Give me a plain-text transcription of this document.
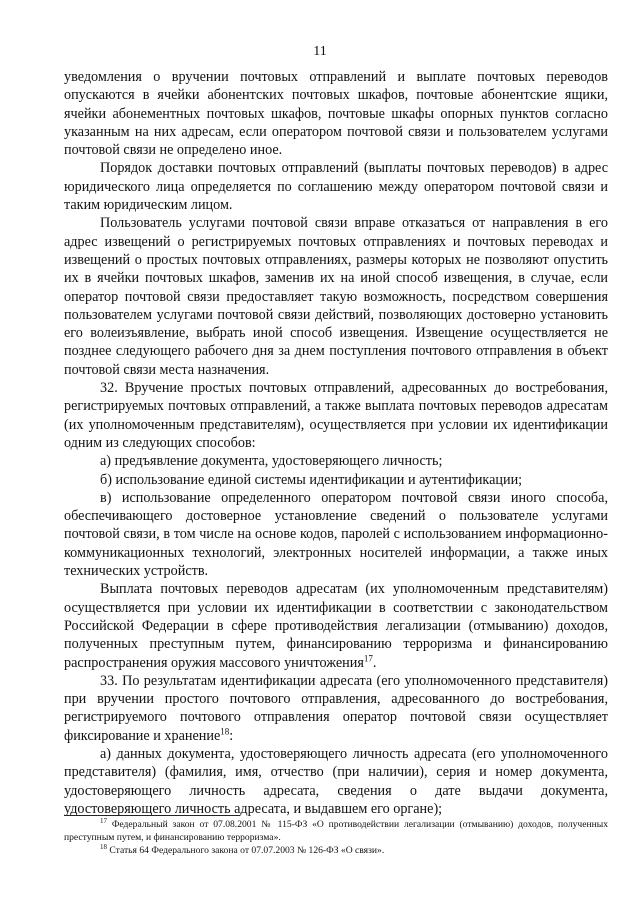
11

уведомления о вручении почтовых отправлений и выплате почтовых переводов опускаются в ячейки абонентских почтовых шкафов, почтовые абонентские ящики, ячейки абонементных почтовых шкафов, почтовые шкафы опорных пунктов согласно указанным на них адресам, если оператором почтовой связи и пользователем услугами почтовой связи не определено иное.

Порядок доставки почтовых отправлений (выплаты почтовых переводов) в адрес юридического лица определяется по соглашению между оператором почтовой связи и таким юридическим лицом.

Пользователь услугами почтовой связи вправе отказаться от направления в его адрес извещений о регистрируемых почтовых отправлениях и почтовых переводах и извещений о простых почтовых отправлениях, размеры которых не позволяют опустить их в ячейки почтовых шкафов, заменив их на иной способ извещения, в случае, если оператор почтовой связи предоставляет такую возможность, посредством совершения пользователем услугами почтовой связи действий, позволяющих достоверно установить его волеизъявление, выбрать иной способ извещения. Извещение осуществляется не позднее следующего рабочего дня за днем поступления почтового отправления в объект почтовой связи места назначения.

32. Вручение простых почтовых отправлений, адресованных до востребования, регистрируемых почтовых отправлений, а также выплата почтовых переводов адресатам (их уполномоченным представителям), осуществляется при условии их идентификации одним из следующих способов:

а) предъявление документа, удостоверяющего личность;

б) использование единой системы идентификации и аутентификации;

в) использование определенного оператором почтовой связи иного способа, обеспечивающего достоверное установление сведений о пользователе услугами почтовой связи, в том числе на основе кодов, паролей с использованием информационно-коммуникационных технологий, электронных носителей информации, а также иных технических устройств.

Выплата почтовых переводов адресатам (их уполномоченным представителям) осуществляется при условии их идентификации в соответствии с законодательством Российской Федерации в сфере противодействия легализации (отмыванию) доходов, полученных преступным путем, финансированию терроризма и финансированию распространения оружия массового уничтожения$^{17}$.

33. По результатам идентификации адресата (его уполномоченного представителя) при вручении простого почтового отправления, адресованного до востребования, регистрируемого почтового отправления оператор почтовой связи осуществляет фиксирование и хранение$^{18}$:

а) данных документа, удостоверяющего личность адресата (его уполномоченного представителя) (фамилия, имя, отчество (при наличии), серия и номер документа, удостоверяющего личность адресата, сведения о дате выдачи документа, удостоверяющего личность адресата, и выдавшем его органе);

$^{17}$ Федеральный закон от 07.08.2001 № 115-ФЗ «О противодействии легализации (отмыванию) доходов, полученных преступным путем, и финансированию терроризма».

$^{18}$ Статья 64 Федерального закона от 07.07.2003 № 126-ФЗ «О связи».
